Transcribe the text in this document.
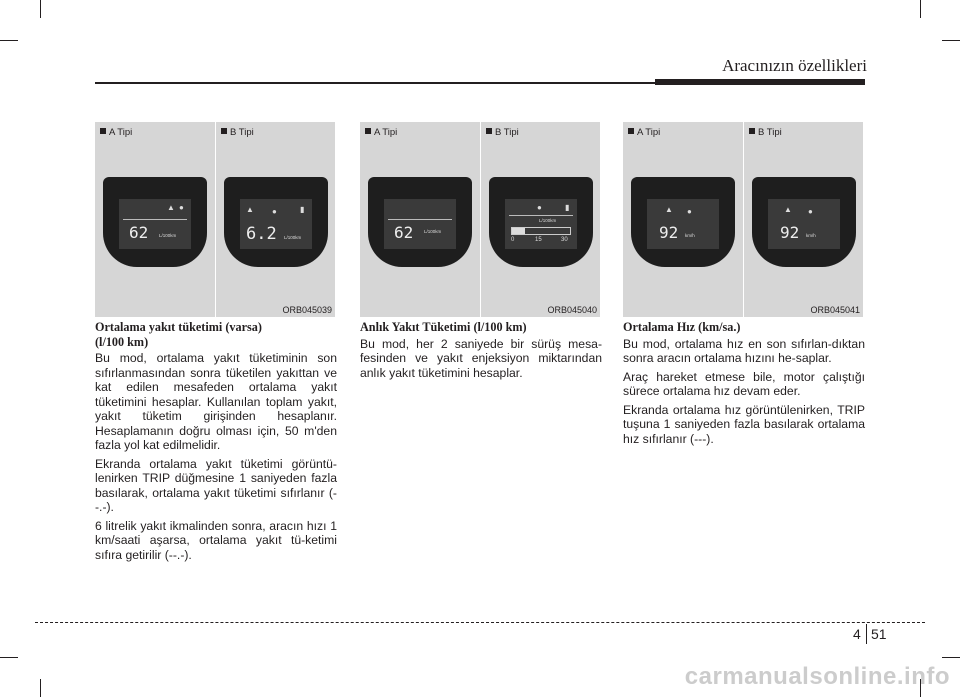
Aracınızın özellikleri
A Tipi
▲ ●
62 L/100km
B Tipi
▲ ●	▮
6.2 L/100km
ORB045039
A Tipi
62 L/100km
B Tipi
●	▮
L/100km
0	15	30
ORB045040
A Tipi
▲ ●
92 km/h
B Tipi
▲ ●
92 km/h
ORB045041
Ortalama yakıt tüketimi (varsa)
(l/100 km)

Bu mod, ortalama yakıt tüketiminin son sıfırlanmasından sonra tüketilen yakıttan ve kat edilen mesafeden ortalama yakıt tüketimini hesaplar. Kullanılan toplam yakıt, yakıt tüketim girişinden hesaplanır. Hesaplamanın doğru olması için, 50 m'den fazla yol kat edilmelidir.

Ekranda ortalama yakıt tüketimi görüntü-lenirken TRIP düğmesine 1 saniyeden fazla basılarak, ortalama yakıt tüketimi sıfırlanır (--.-).

6 litrelik yakıt ikmalinden sonra, aracın hızı 1 km/saati aşarsa, ortalama yakıt tü-ketimi sıfıra getirilir (--.-).

Anlık Yakıt Tüketimi (l/100 km)

Bu mod, her 2 saniyede bir sürüş mesa-fesinden ve yakıt enjeksiyon miktarından anlık yakıt tüketimini hesaplar.

Ortalama Hız (km/sa.)

Bu mod, ortalama hız en son sıfırlan-dıktan sonra aracın ortalama hızını he-saplar.

Araç hareket etmese bile, motor çalıştığı sürece ortalama hız devam eder.

Ekranda ortalama hız görüntülenirken, TRIP tuşuna 1 saniyeden fazla basılarak ortalama hız sıfırlanır (---).

4 51
carmanualsonline.info
